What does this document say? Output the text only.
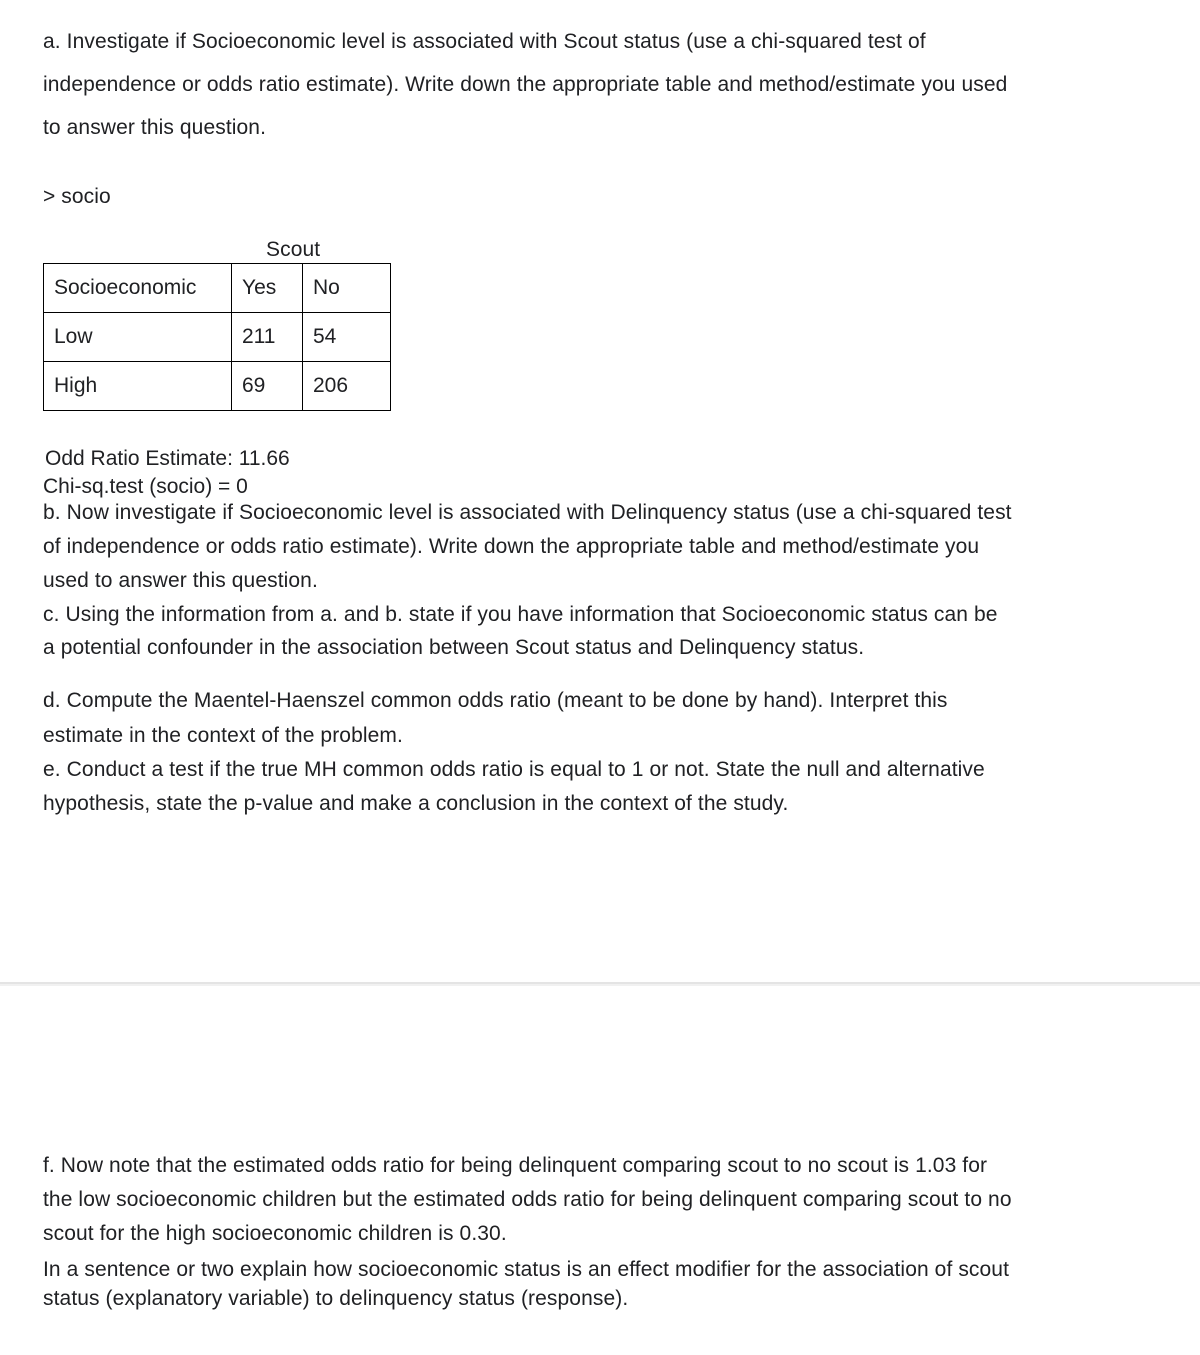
a. Investigate if Socioeconomic level is associated with Scout status (use a chi-squared test of
independence or odds ratio estimate). Write down the appropriate table and method/estimate you used
to answer this question.
> socio
Scout
Socioeconomic	Yes	No
Low	211	54
High	69	206
Odd Ratio Estimate: 11.66
Chi-sq.test (socio) = 0
b. Now investigate if Socioeconomic level is associated with Delinquency status (use a chi-squared test
of independence or odds ratio estimate). Write down the appropriate table and method/estimate you
used to answer this question.
c. Using the information from a. and b. state if you have information that Socioeconomic status can be
a potential confounder in the association between Scout status and Delinquency status.
d. Compute the Maentel-Haenszel common odds ratio (meant to be done by hand). Interpret this
estimate in the context of the problem.
e. Conduct a test if the true MH common odds ratio is equal to 1 or not. State the null and alternative
hypothesis, state the p-value and make a conclusion in the context of the study.
f. Now note that the estimated odds ratio for being delinquent comparing scout to no scout is 1.03 for
the low socioeconomic children but the estimated odds ratio for being delinquent comparing scout to no
scout for the high socioeconomic children is 0.30.
In a sentence or two explain how socioeconomic status is an effect modifier for the association of scout
status (explanatory variable) to delinquency status (response).
